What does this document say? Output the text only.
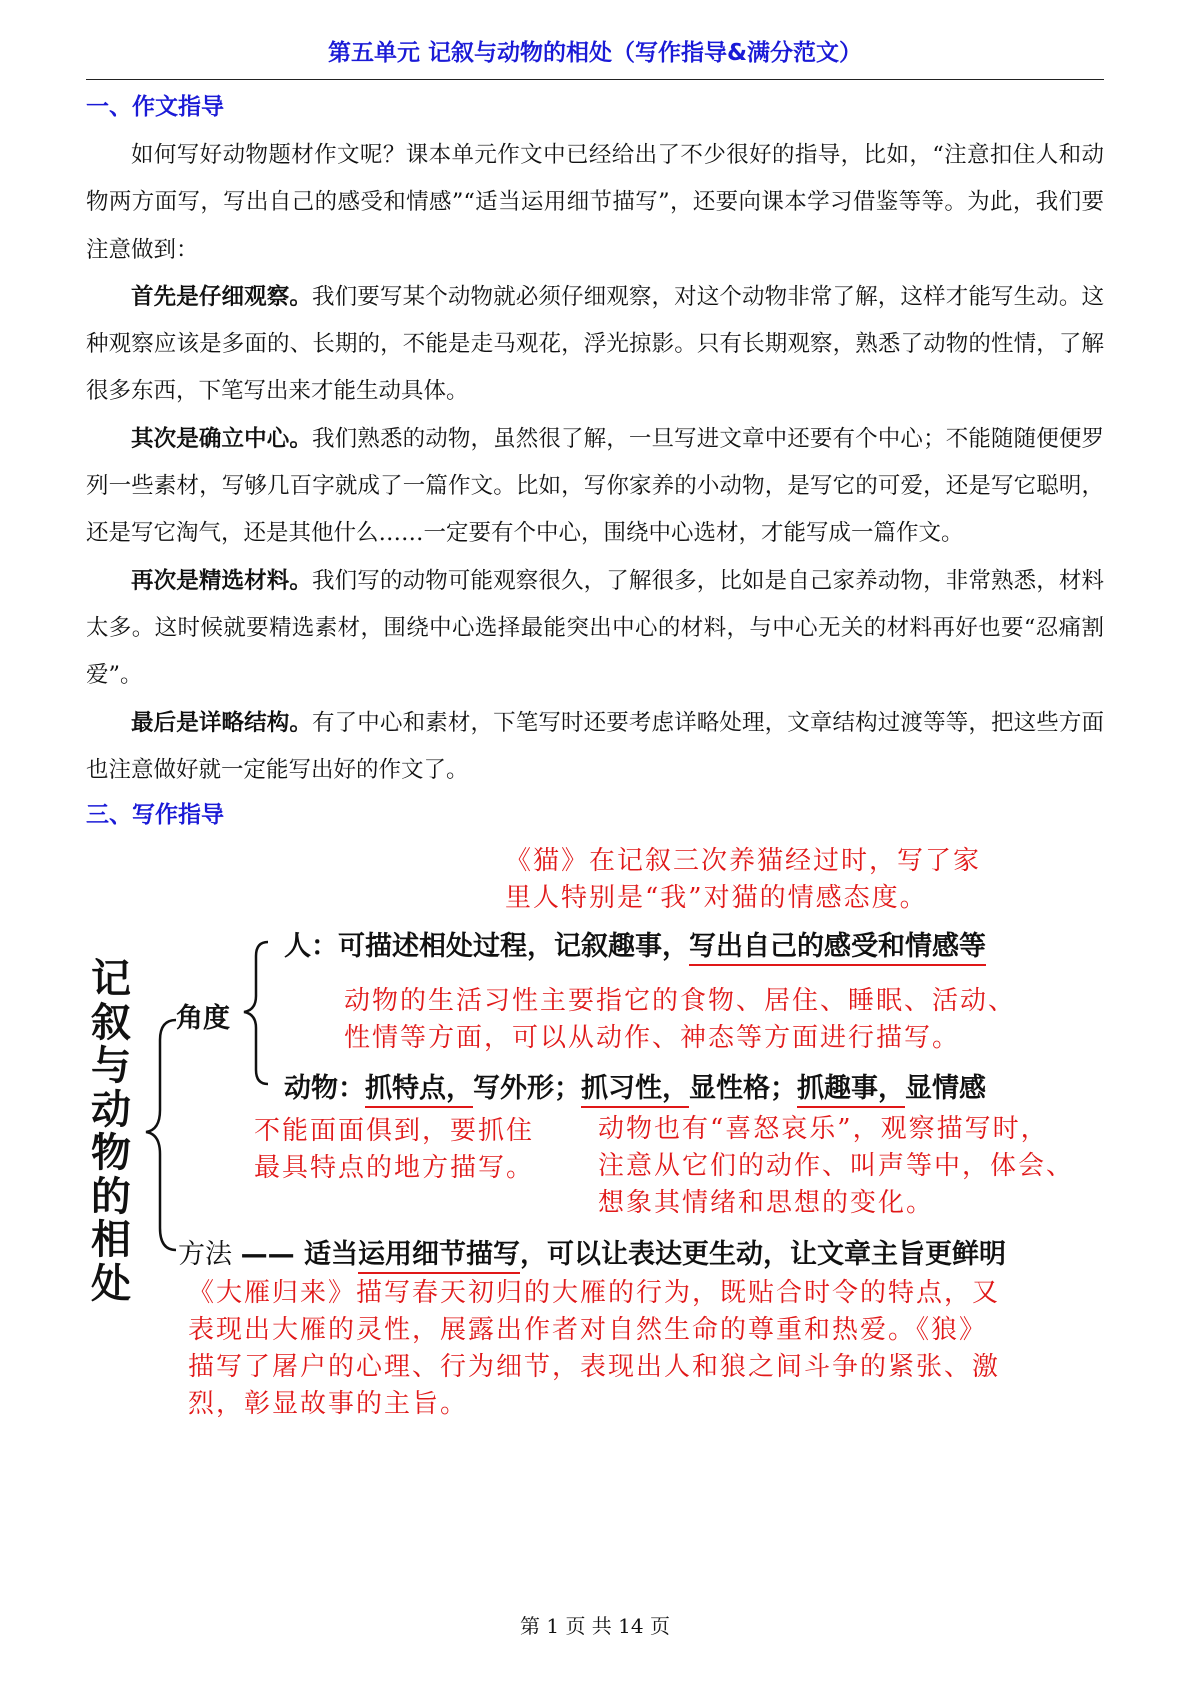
第五单元 记叙与动物的相处（写作指导&满分范文）
一、作文指导

如何写好动物题材作文呢？课本单元作文中已经给出了不少很好的指导，比如，“注意扣住人和动物两方面写，写出自己的感受和情感”“适当运用细节描写”，还要向课本学习借鉴等等。为此，我们要注意做到：

首先是仔细观察。我们要写某个动物就必须仔细观察，对这个动物非常了解，这样才能写生动。这种观察应该是多面的、长期的，不能是走马观花，浮光掠影。只有长期观察，熟悉了动物的性情，了解很多东西，下笔写出来才能生动具体。

其次是确立中心。我们熟悉的动物，虽然很了解，一旦写进文章中还要有个中心；不能随随便便罗列一些素材，写够几百字就成了一篇作文。比如，写你家养的小动物，是写它的可爱，还是写它聪明，还是写它淘气，还是其他什么……一定要有个中心，围绕中心选材，才能写成一篇作文。

再次是精选材料。我们写的动物可能观察很久，了解很多，比如是自己家养动物，非常熟悉，材料太多。这时候就要精选素材，围绕中心选择最能突出中心的材料，与中心无关的材料再好也要“忍痛割爱”。

最后是详略结构。有了中心和素材，下笔写时还要考虑详略处理，文章结构过渡等等，把这些方面也注意做好就一定能写出好的作文了。

三、写作指导
记叙与动物的相处
《猫》在记叙三次养猫经过时，写了家
里人特别是“我”对猫的情感态度。
人：可描述相处过程，记叙趣事，写出自己的感受和情感等
动物的生活习性主要指它的食物、居住、睡眠、活动、
性情等方面，可以从动作、神态等方面进行描写。
角度
动物：抓特点，写外形；抓习性，显性格；抓趣事，显情感
不能面面俱到，要抓住
最具特点的地方描写。
动物也有“喜怒哀乐”，观察描写时，
注意从它们的动作、叫声等中，体会、
想象其情绪和思想的变化。
方法 —— 适当运用细节描写，可以让表达更生动，让文章主旨更鲜明
《大雁归来》描写春天初归的大雁的行为，既贴合时令的特点，又
表现出大雁的灵性，展露出作者对自然生命的尊重和热爱。《狼》
描写了屠户的心理、行为细节，表现出人和狼之间斗争的紧张、激
烈，彰显故事的主旨。
第 1 页 共 14 页
